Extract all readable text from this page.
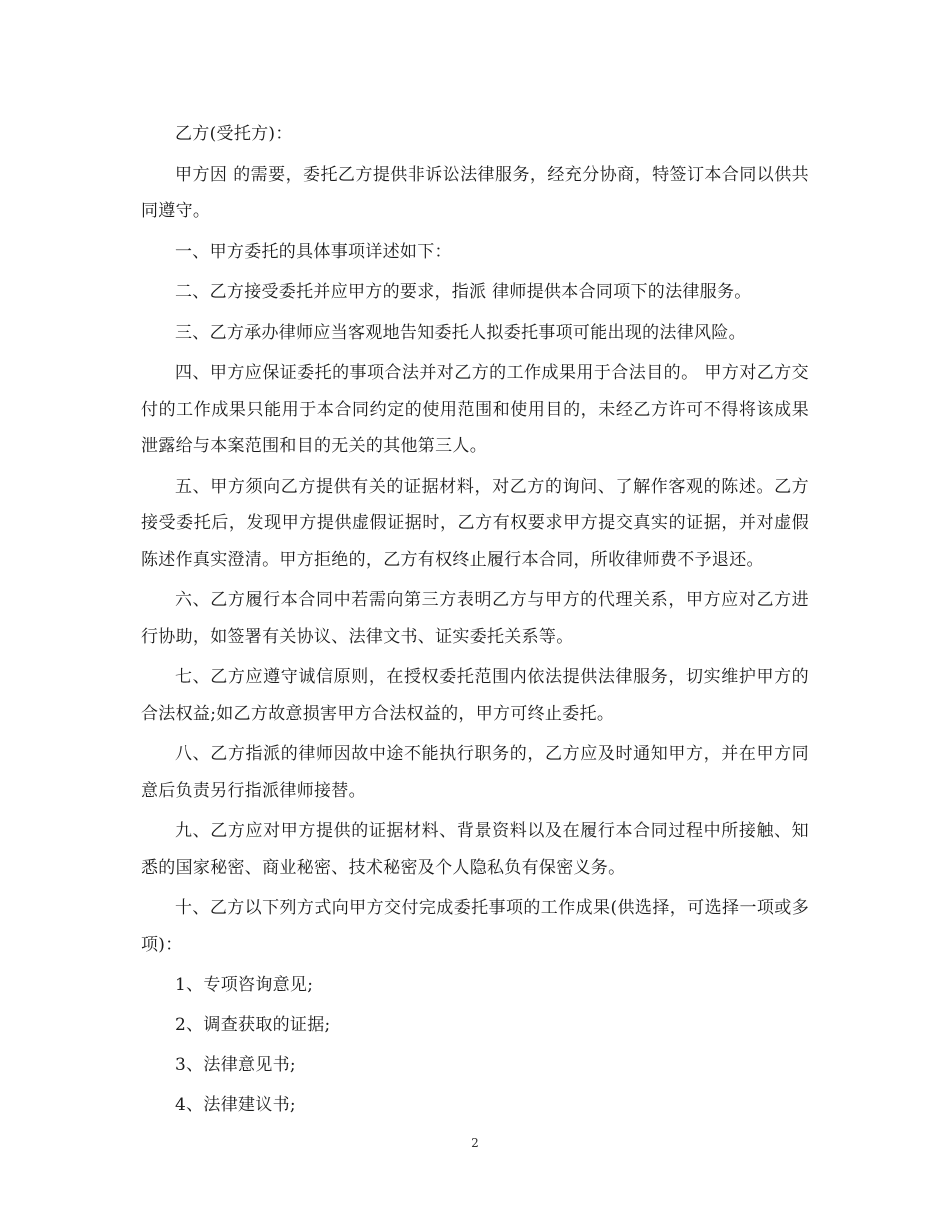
乙方(受托方)：

甲方因 的需要，委托乙方提供非诉讼法律服务，经充分协商，特签订本合同以供共同遵守。

一、甲方委托的具体事项详述如下：

二、乙方接受委托并应甲方的要求，指派 律师提供本合同项下的法律服务。

三、乙方承办律师应当客观地告知委托人拟委托事项可能出现的法律风险。

四、甲方应保证委托的事项合法并对乙方的工作成果用于合法目的。 甲方对乙方交付的工作成果只能用于本合同约定的使用范围和使用目的，未经乙方许可不得将该成果泄露给与本案范围和目的无关的其他第三人。

五、甲方须向乙方提供有关的证据材料，对乙方的询问、了解作客观的陈述。乙方接受委托后，发现甲方提供虚假证据时，乙方有权要求甲方提交真实的证据，并对虚假陈述作真实澄清。甲方拒绝的，乙方有权终止履行本合同，所收律师费不予退还。

六、乙方履行本合同中若需向第三方表明乙方与甲方的代理关系，甲方应对乙方进行协助，如签署有关协议、法律文书、证实委托关系等。

七、乙方应遵守诚信原则，在授权委托范围内依法提供法律服务，切实维护甲方的合法权益;如乙方故意损害甲方合法权益的，甲方可终止委托。

八、乙方指派的律师因故中途不能执行职务的，乙方应及时通知甲方，并在甲方同意后负责另行指派律师接替。

九、乙方应对甲方提供的证据材料、背景资料以及在履行本合同过程中所接触、知悉的国家秘密、商业秘密、技术秘密及个人隐私负有保密义务。

十、乙方以下列方式向甲方交付完成委托事项的工作成果(供选择，可选择一项或多项)：

1、专项咨询意见;

2、调查获取的证据;

3、法律意见书;

4、法律建议书;

2
